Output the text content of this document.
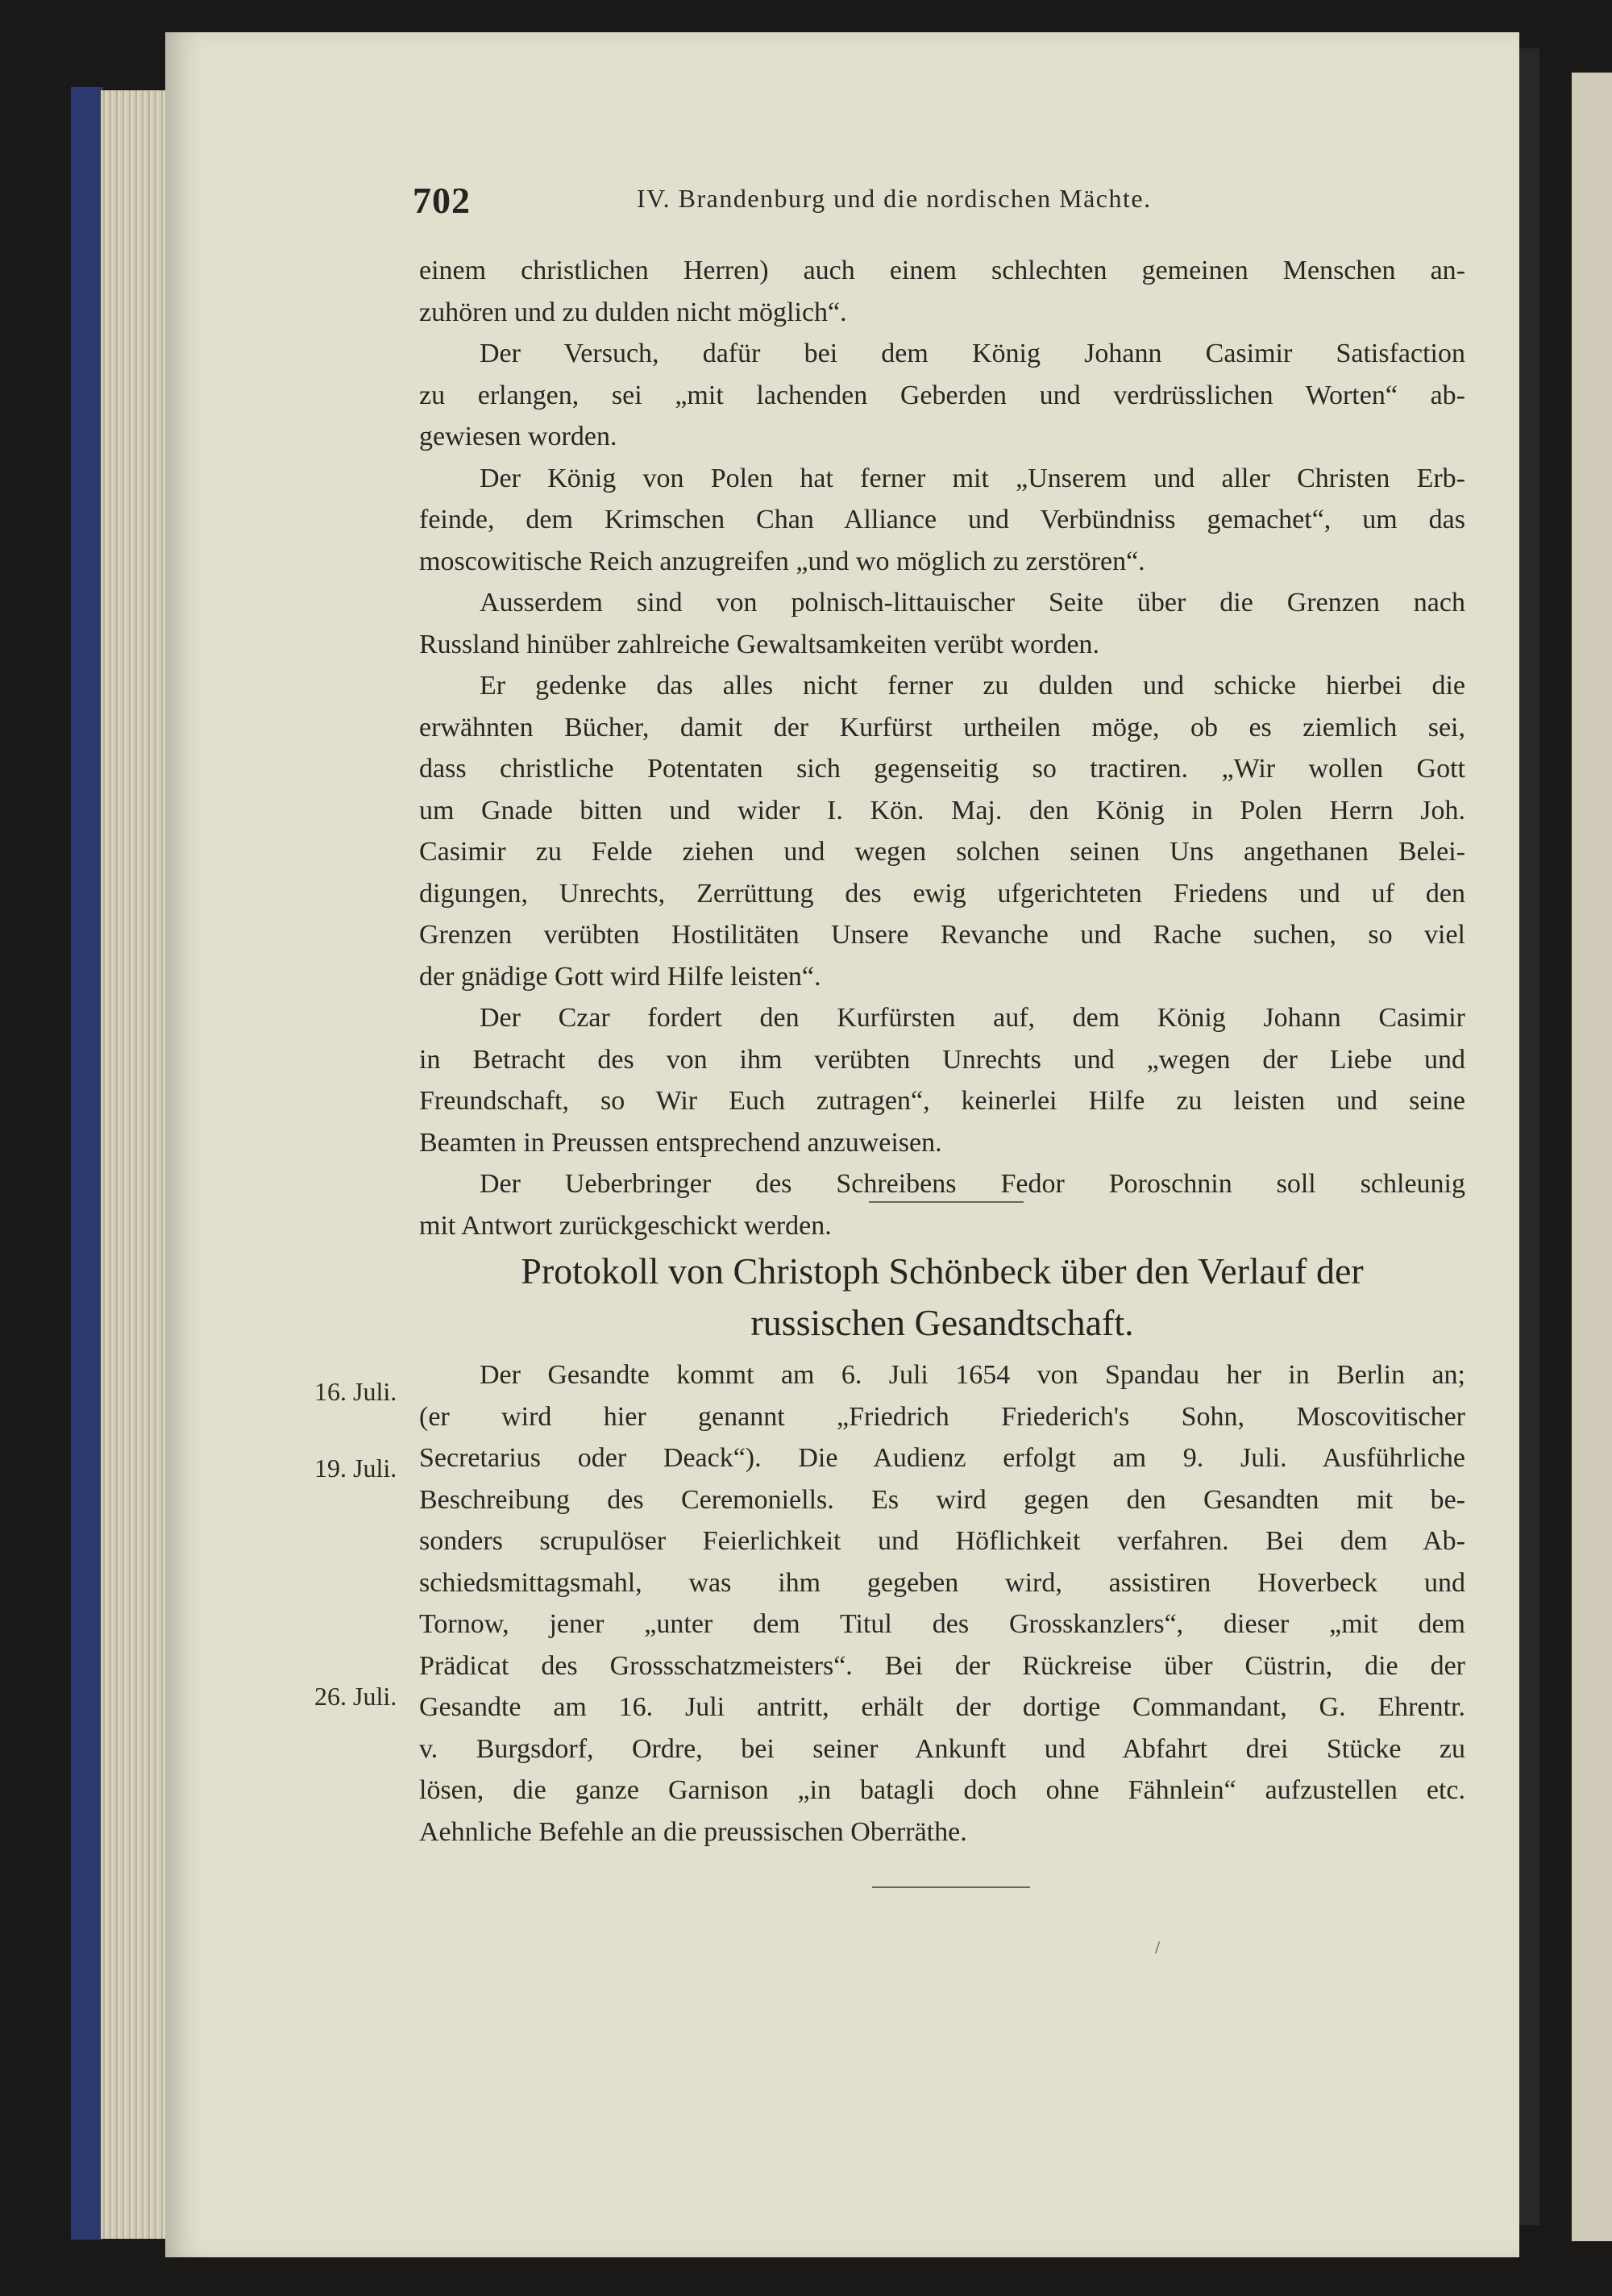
702	IV. Brandenburg und die nordischen Mächte.

einem christlichen Herren) auch einem schlechten gemeinen Menschen an-
zuhören und zu dulden nicht möglich“.

Der Versuch, dafür bei dem König Johann Casimir Satisfaction
zu erlangen, sei „mit lachenden Geberden und verdrüsslichen Worten“ ab-
gewiesen worden.

Der König von Polen hat ferner mit „Unserem und aller Christen Erb-
feinde, dem Krimschen Chan Alliance und Verbündniss gemachet“, um das
moscowitische Reich anzugreifen „und wo möglich zu zerstören“.

Ausserdem sind von polnisch-littauischer Seite über die Grenzen nach
Russland hinüber zahlreiche Gewaltsamkeiten verübt worden.

Er gedenke das alles nicht ferner zu dulden und schicke hierbei die
erwähnten Bücher, damit der Kurfürst urtheilen möge, ob es ziemlich sei,
dass christliche Potentaten sich gegenseitig so tractiren. „Wir wollen Gott
um Gnade bitten und wider I. Kön. Maj. den König in Polen Herrn Joh.
Casimir zu Felde ziehen und wegen solchen seinen Uns angethanen Belei-
digungen, Unrechts, Zerrüttung des ewig ufgerichteten Friedens und uf den
Grenzen verübten Hostilitäten Unsere Revanche und Rache suchen, so viel
der gnädige Gott wird Hilfe leisten“.

Der Czar fordert den Kurfürsten auf, dem König Johann Casimir
in Betracht des von ihm verübten Unrechts und „wegen der Liebe und
Freundschaft, so Wir Euch zutragen“, keinerlei Hilfe zu leisten und seine
Beamten in Preussen entsprechend anzuweisen.

Der Ueberbringer des Schreibens Fedor Poroschnin soll schleunig
mit Antwort zurückgeschickt werden.

Protokoll von Christoph Schönbeck über den Verlauf der
russischen Gesandtschaft.
16. Juli.
19. Juli.
26. Juli.

Der Gesandte kommt am 6. Juli 1654 von Spandau her in Berlin an;
(er wird hier genannt „Friedrich Friederich's Sohn, Moscovitischer
Secretarius oder Deack“). Die Audienz erfolgt am 9. Juli. Ausführliche
Beschreibung des Ceremoniells. Es wird gegen den Gesandten mit be-
sonders scrupulöser Feierlichkeit und Höflichkeit verfahren. Bei dem Ab-
schiedsmittagsmahl, was ihm gegeben wird, assistiren Hoverbeck und
Tornow, jener „unter dem Titul des Grosskanzlers“, dieser „mit dem
Prädicat des Grossschatzmeisters“. Bei der Rückreise über Cüstrin, die der
Gesandte am 16. Juli antritt, erhält der dortige Commandant, G. Ehrentr.
v. Burgsdorf, Ordre, bei seiner Ankunft und Abfahrt drei Stücke zu
lösen, die ganze Garnison „in batagli doch ohne Fähnlein“ aufzustellen etc.
Aehnliche Befehle an die preussischen Oberräthe.

/
